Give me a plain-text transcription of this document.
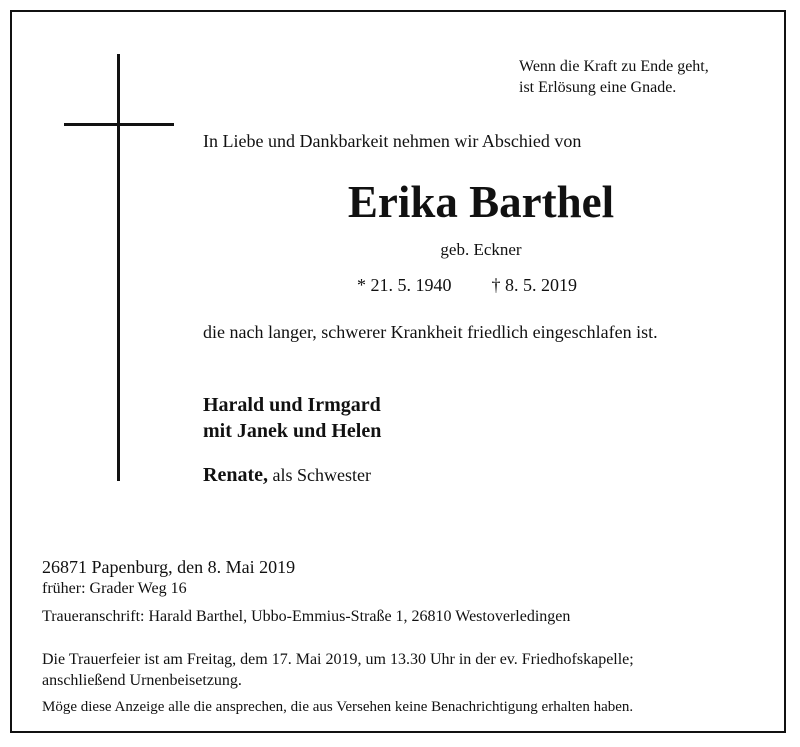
Wenn die Kraft zu Ende geht,
ist Erlösung eine Gnade.
In Liebe und Dankbarkeit nehmen wir Abschied von
Erika Barthel
geb. Eckner
* 21. 5. 1940 † 8. 5. 2019
die nach langer, schwerer Krankheit friedlich eingeschlafen ist.
Harald und Irmgard
mit Janek und Helen
Renate, als Schwester
26871 Papenburg, den 8. Mai 2019
früher: Grader Weg 16
Traueranschrift: Harald Barthel, Ubbo-Emmius-Straße 1, 26810 Westoverledingen
Die Trauerfeier ist am Freitag, dem 17. Mai 2019, um 13.30 Uhr in der ev. Friedhofskapelle;
anschließend Urnenbeisetzung.
Möge diese Anzeige alle die ansprechen, die aus Versehen keine Benachrichtigung erhalten haben.
